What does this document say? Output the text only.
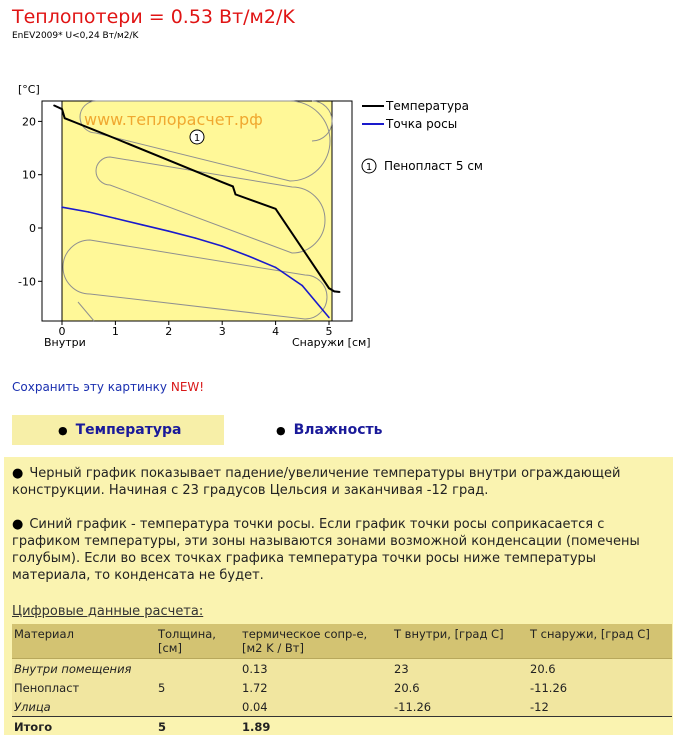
Теплопотери = 0.53 Вт/м2/K
EnEV2009* U<0,24 Вт/м2/K
20
10
0
-10
0	1	2	3	4	5
[°C]
Внутри	Снаружи [см]
www.теплорасчет.рф
1
Температура
Точка росы
1 Пенопласт 5 см
Сохранить эту картинку NEW!
● Температура	● Влажность
● Черный график показывает падение/увеличение температуры внутри ограждающей конструкции. Начиная с 23 градусов Цельсия и заканчивая -12 град.
● Синий график - температура точки росы. Если график точки росы соприкасается с графиком температуры, эти зоны называются зонами возможной конденсации (помечены голубым). Если во всех точках графика температура точки росы ниже температуры материала, то конденсата не будет.
Цифровые данные расчета:
Материал	Толщина, [см]	термическое сопр-е, [м2 K / Вт]	T внутри, [град C]	T снаружи, [град C]
Внутри помещения		0.13	23	20.6
Пенопласт	5	1.72	20.6	-11.26
Улица		0.04	-11.26	-12
Итого	5	1.89		
